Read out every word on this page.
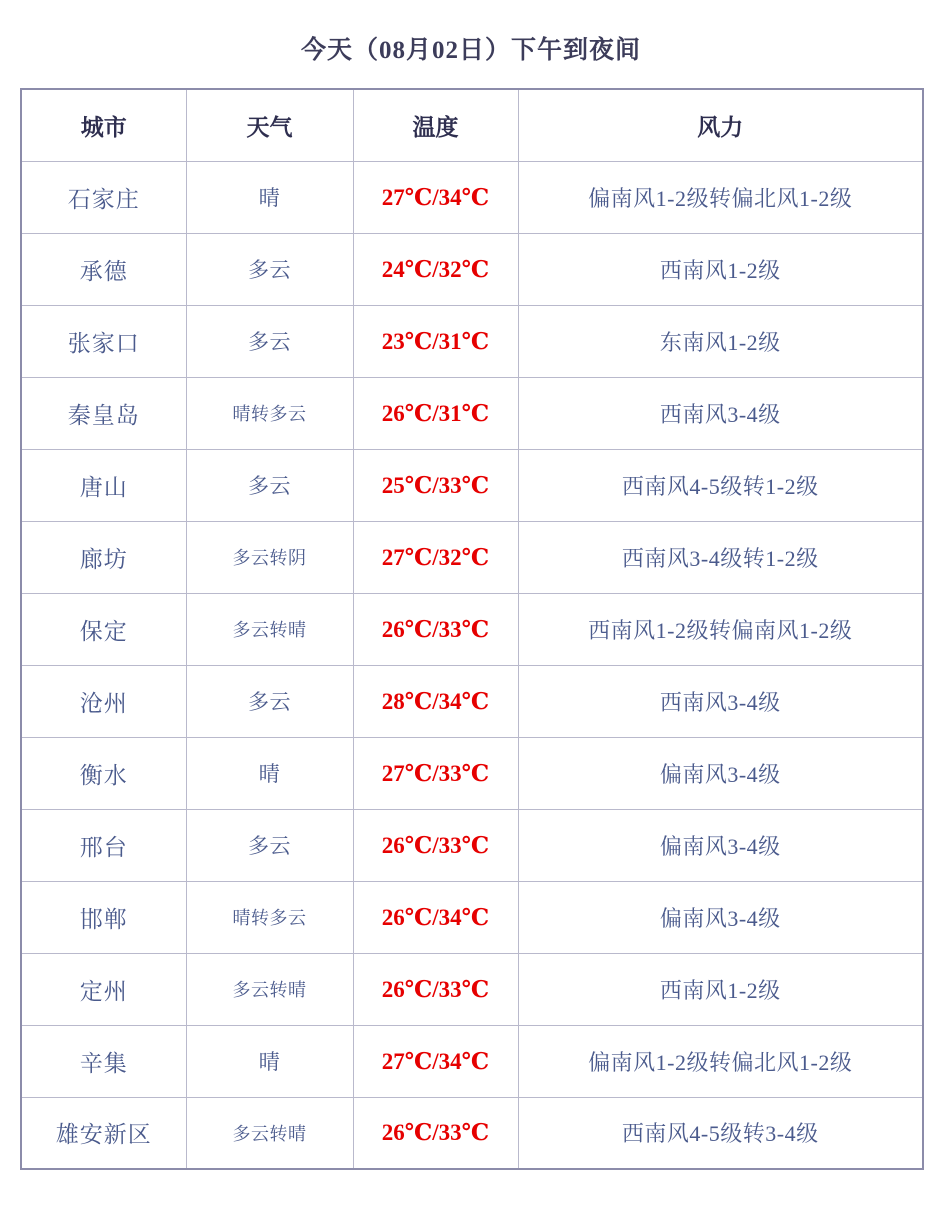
今天（08月02日）下午到夜间
城市	天气	温度	风力
石家庄	晴	27℃/34℃	偏南风1-2级转偏北风1-2级
承德	多云	24℃/32℃	西南风1-2级
张家口	多云	23℃/31℃	东南风1-2级
秦皇岛	晴转多云	26℃/31℃	西南风3-4级
唐山	多云	25℃/33℃	西南风4-5级转1-2级
廊坊	多云转阴	27℃/32℃	西南风3-4级转1-2级
保定	多云转晴	26℃/33℃	西南风1-2级转偏南风1-2级
沧州	多云	28℃/34℃	西南风3-4级
衡水	晴	27℃/33℃	偏南风3-4级
邢台	多云	26℃/33℃	偏南风3-4级
邯郸	晴转多云	26℃/34℃	偏南风3-4级
定州	多云转晴	26℃/33℃	西南风1-2级
辛集	晴	27℃/34℃	偏南风1-2级转偏北风1-2级
雄安新区	多云转晴	26℃/33℃	西南风4-5级转3-4级
